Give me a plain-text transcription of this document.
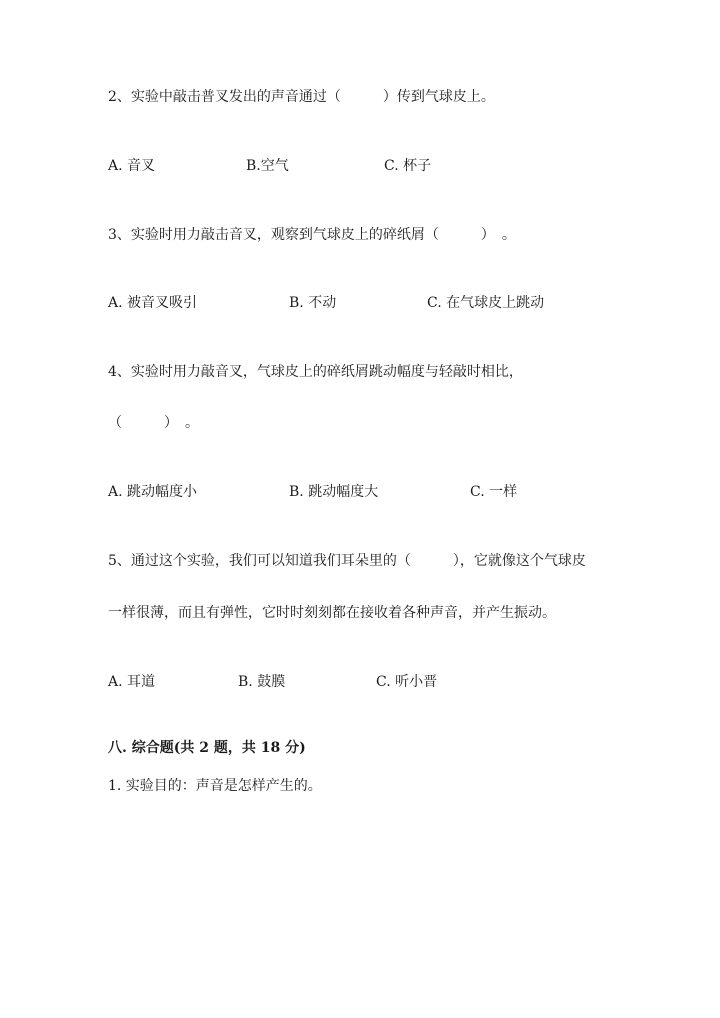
2、实验中敲击普叉发出的声音通过（　　　）传到气球皮上。
A. 音叉	B.空气	C. 杯子
3、实验时用力敲击音叉，观察到气球皮上的碎纸屑（　　　）　。
A. 被音叉吸引	B. 不动	C. 在气球皮上跳动
4、实验时用力敲音叉，气球皮上的碎纸屑跳动幅度与轻敲时相比，
（　　　）　。
A. 跳动幅度小	B. 跳动幅度大	C. 一样
5、通过这个实验，我们可以知道我们耳朵里的（　　　），它就像这个气球皮
一样很薄，而且有弹性，它时时刻刻都在接收着各种声音，并产生振动。
A. 耳道	B. 鼓膜	C. 听小晋
八. 综合题(共 2 题，共 18 分)
1. 实验目的：声音是怎样产生的。
